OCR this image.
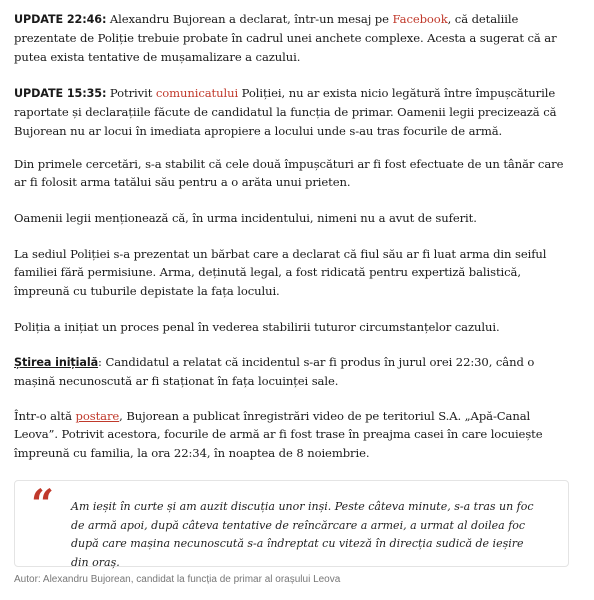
UPDATE 22:46: Alexandru Bujorean a declarat, într-un mesaj pe Facebook, că detaliile prezentate de Poliție trebuie probate în cadrul unei anchete complexe. Acesta a sugerat că ar putea exista tentative de mușamalizare a cazului.

UPDATE 15:35: Potrivit comunicatului Poliției, nu ar exista nicio legătură între împușcăturile raportate și declarațiile făcute de candidatul la funcția de primar. Oamenii legii precizează că Bujorean nu ar locui în imediata apropiere a locului unde s-au tras focurile de armă.

Din primele cercetări, s-a stabilit că cele două împușcături ar fi fost efectuate de un tânăr care ar fi folosit arma tatălui său pentru a o arăta unui prieten.

Oamenii legii menționează că, în urma incidentului, nimeni nu a avut de suferit.

La sediul Poliției s-a prezentat un bărbat care a declarat că fiul său ar fi luat arma din seiful familiei fără permisiune. Arma, deținută legal, a fost ridicată pentru expertiză balistică, împreună cu tuburile depistate la fața locului.

Poliția a inițiat un proces penal în vederea stabilirii tuturor circumstanțelor cazului.

Știrea inițială: Candidatul a relatat că incidentul s-ar fi produs în jurul orei 22:30, când o mașină necunoscută ar fi staționat în fața locuinței sale.

Într-o altă postare, Bujorean a publicat înregistrări video de pe teritoriul S.A. „Apă-Canal Leova”. Potrivit acestora, focurile de armă ar fi fost trase în preajma casei în care locuiește împreună cu familia, la ora 22:34, în noaptea de 8 noiembrie.

“ Am ieșit în curte și am auzit discuția unor inși. Peste câteva minute, s-a tras un foc de armă apoi, după câteva tentative de reîncărcare a armei, a urmat al doilea foc după care mașina necunoscută s-a îndreptat cu viteză în direcția sudică de ieșire din oraș.

Autor: Alexandru Bujorean, candidat la funcția de primar al orașului Leova
